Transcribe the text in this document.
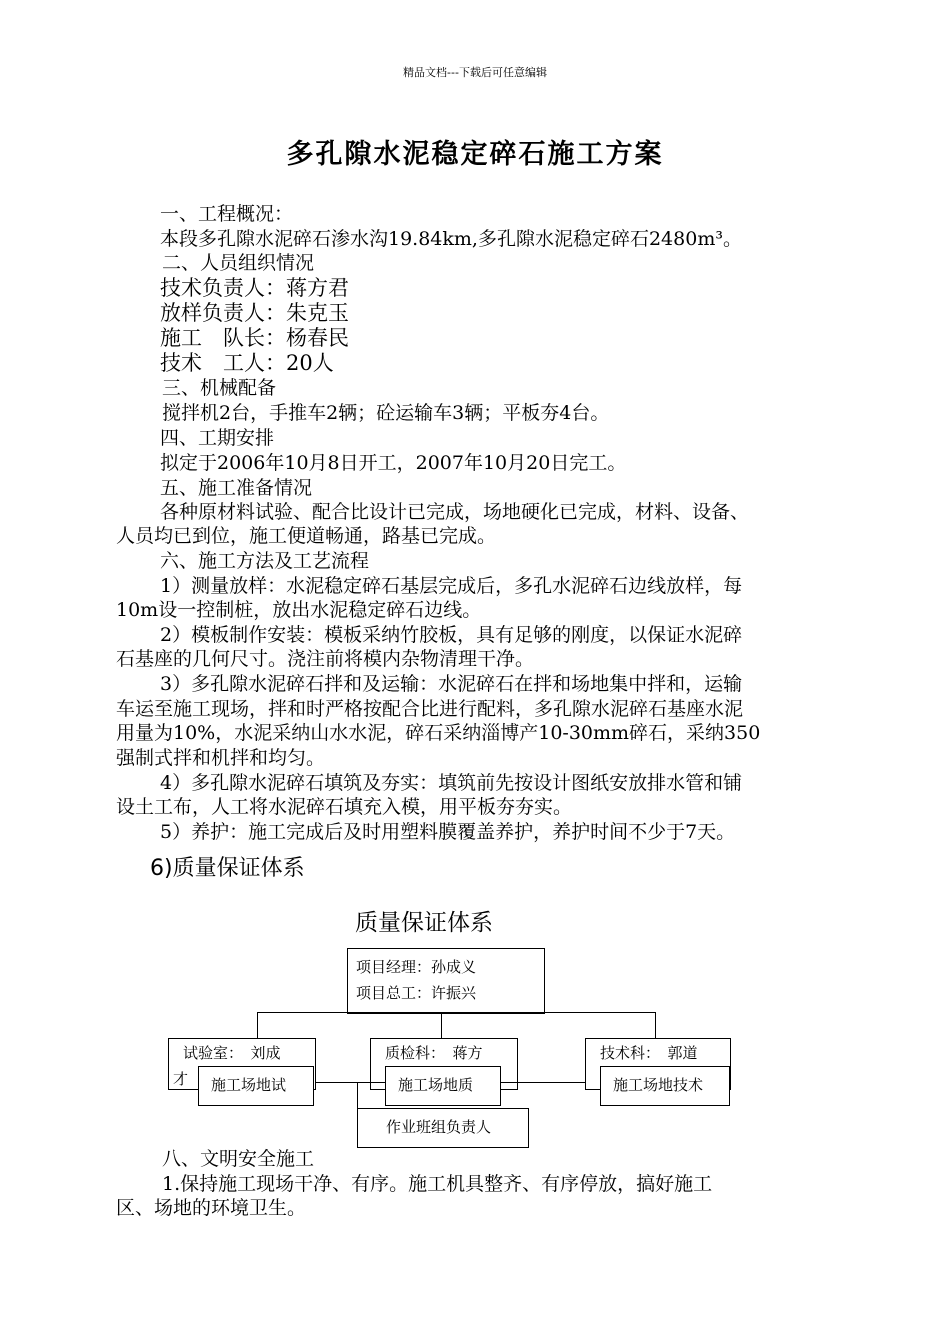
精品文档---下载后可任意编辑
多孔隙水泥稳定碎石施工方案
一、工程概况：
本段多孔隙水泥碎石渗水沟19.84km,多孔隙水泥稳定碎石2480m³。
二、人员组织情况
技术负责人：蒋方君
放样负责人：朱克玉
施工　队长：杨春民
技术　工人：20人
三、机械配备
搅拌机2台，手推车2辆；砼运输车3辆；平板夯4台。
四、工期安排
拟定于2006年10月8日开工，2007年10月20日完工。
五、施工准备情况
各种原材料试验、配合比设计已完成，场地硬化已完成，材料、设备、
人员均已到位，施工便道畅通，路基已完成。
六、施工方法及工艺流程
1）测量放样：水泥稳定碎石基层完成后，多孔水泥碎石边线放样，每
10m设一控制桩，放出水泥稳定碎石边线。
2）模板制作安装：模板采纳竹胶板，具有足够的刚度，以保证水泥碎
石基座的几何尺寸。浇注前将模内杂物清理干净。
3）多孔隙水泥碎石拌和及运输：水泥碎石在拌和场地集中拌和，运输
车运至施工现场，拌和时严格按配合比进行配料，多孔隙水泥碎石基座水泥
用量为10%，水泥采纳山水水泥，碎石采纳淄博产10-30mm碎石，采纳350
强制式拌和机拌和均匀。
4）多孔隙水泥碎石填筑及夯实：填筑前先按设计图纸安放排水管和铺
设土工布，人工将水泥碎石填充入模，用平板夯夯实。
5）养护：施工完成后及时用塑料膜覆盖养护，养护时间不少于7天。
6)质量保证体系
质量保证体系
项目经理：孙成义
项目总工：许振兴
试验室：　刘成
才
质检科：　蒋方	技术科：　郭道
施工场地试	施工场地质	施工场地技术
作业班组负责人
八、文明安全施工
1.保持施工现场干净、有序。施工机具整齐、有序停放，搞好施工
区、场地的环境卫生。
